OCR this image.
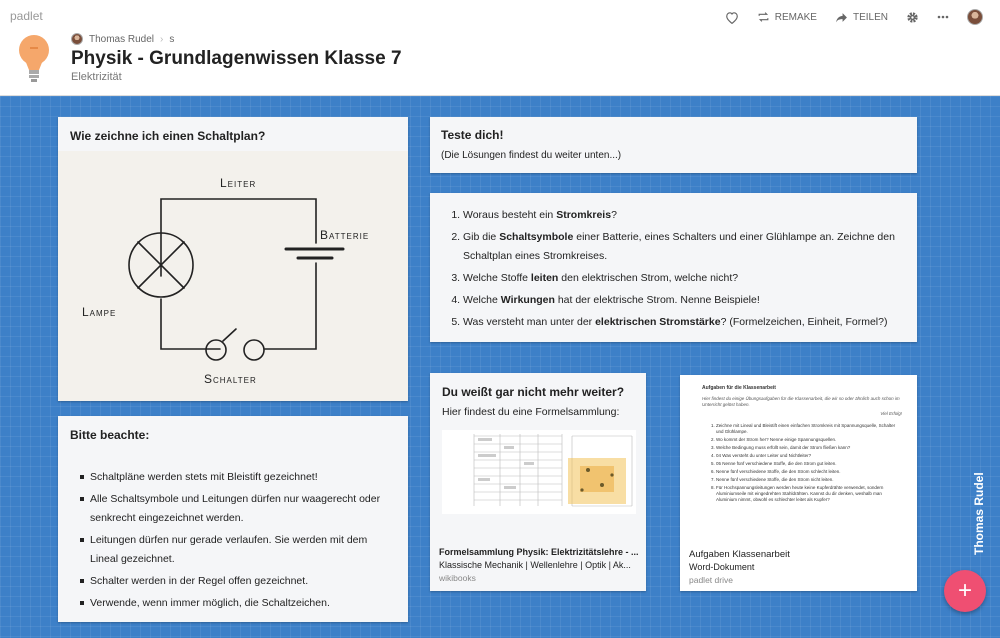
padlet	REMAKE	TEILEN
Thomas Rudel › s
Physik - Grundlagenwissen Klasse 7
Elektrizität
Wie zeichne ich einen Schaltplan?
Leiter
Batterie
Lampe
Schalter
Bitte beachte:
Schaltpläne werden stets mit Bleistift gezeichnet!
Alle Schaltsymbole und Leitungen dürfen nur waagerecht oder senkrecht eingezeichnet werden.
Leitungen dürfen nur gerade verlaufen. Sie werden mit dem Lineal gezeichnet.
Schalter werden in der Regel offen gezeichnet.
Verwende, wenn immer möglich, die Schaltzeichen.
Teste dich!

(Die Lösungen findest du weiter unten...)

1. Woraus besteht ein Stromkreis?
2. Gib die Schaltsymbole einer Batterie, eines Schalters und einer Glühlampe an. Zeichne den Schaltplan eines Stromkreises.
3. Welche Stoffe leiten den elektrischen Strom, welche nicht?
4. Welche Wirkungen hat der elektrische Strom. Nenne Beispiele!
5. Was versteht man unter der elektrischen Stromstärke? (Formelzeichen, Einheit, Formel?)
Du weißt gar nicht mehr weiter?
Hier findest du eine Formelsammlung:
Formelsammlung Physik: Elektrizitätslehre - ...
Klassische Mechanik | Wellenlehre | Optik | Ak...
wikibooks
Aufgaben für die Klassenarbeit
Hier findest du einige Übungsaufgaben für die Klassenarbeit, die wir so oder ähnlich auch schon im Unterricht gelöst haben.
Viel Erfolg!
1. Zeichne mit Lineal und Bleistift einen einfachen Stromkreis mit Spannungsquelle, Schalter und Glühlampe.
2. Wo kommt der Strom her? Nenne einige Spannungsquellen.
3. Welche Bedingung muss erfüllt sein, damit der Strom fließen kann?
4. 04 Was versteht du unter Leiter und Nichtleiter?
5. 05 Nenne fünf verschiedene Stoffe, die den Strom gut leiten.
6. Nenne fünf verschiedene Stoffe, die den Strom schlecht leiten.
7. Nenne fünf verschiedene Stoffe, die den Strom nicht leiten.
8. Für Hochspannungsleitungen werden heute keine Kupferdrähte verwendet, sondern Aluminiumseile mit eingedrehten Stahldrähten. Kannst du dir denken, weshalb man Aluminium nimmt, obwohl es schlechter leitet als Kupfer?
Aufgaben Klassenarbeit
Word-Dokument
padlet drive
Thomas Rudel
+
